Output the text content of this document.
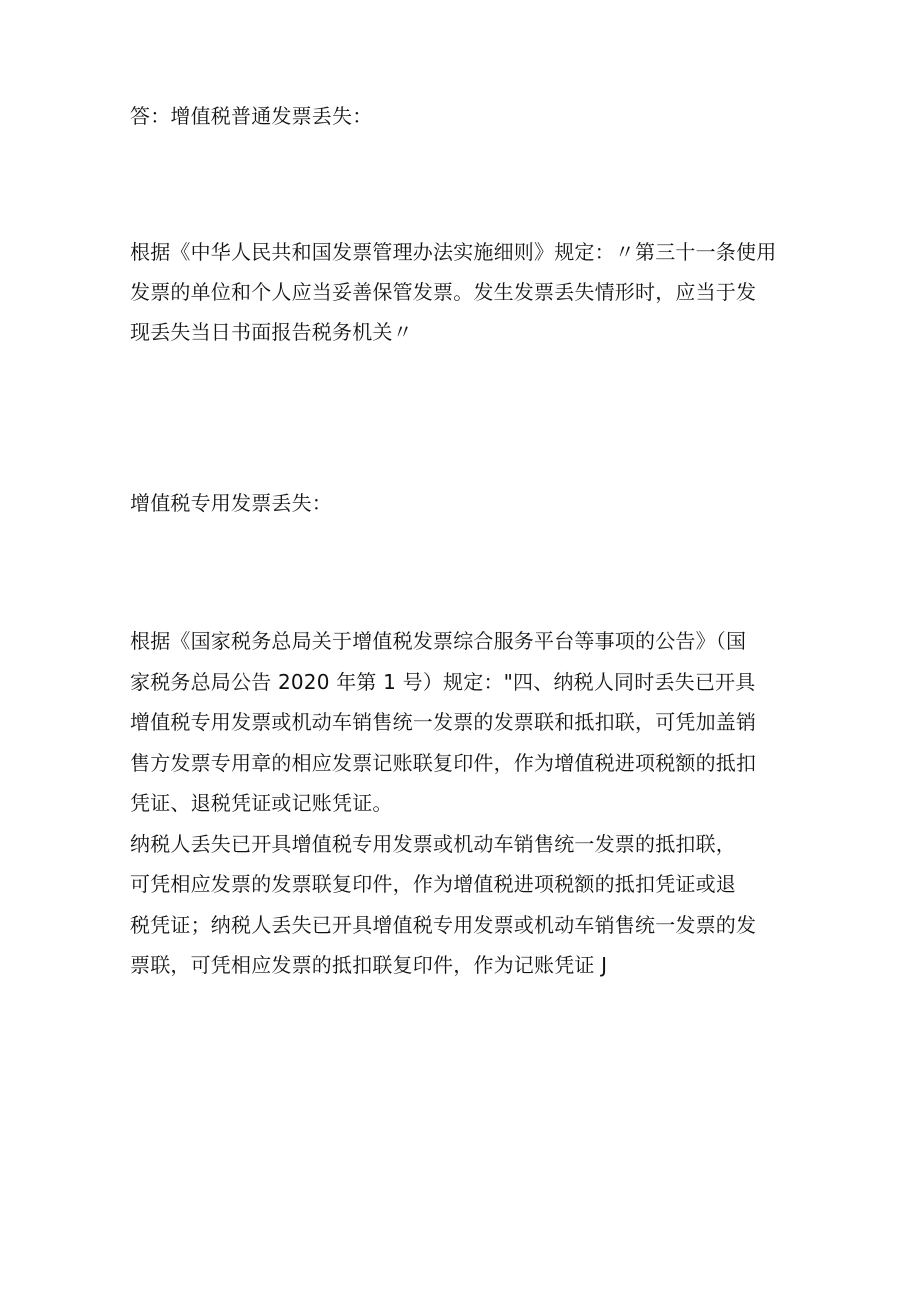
答：增值税普通发票丢失：
根据《中华人民共和国发票管理办法实施细则》规定：〃第三十一条使用
发票的单位和个人应当妥善保管发票。发生发票丢失情形时，应当于发
现丢失当日书面报告税务机关〃
增值税专用发票丢失：
根据《国家税务总局关于增值税发票综合服务平台等事项的公告》（国
家税务总局公告 2020 年第 1 号）规定："四、纳税人同时丢失已开具
增值税专用发票或机动车销售统一发票的发票联和抵扣联，可凭加盖销
售方发票专用章的相应发票记账联复印件，作为增值税进项税额的抵扣
凭证、退税凭证或记账凭证。
纳税人丢失已开具增值税专用发票或机动车销售统一发票的抵扣联，
可凭相应发票的发票联复印件，作为增值税进项税额的抵扣凭证或退
税凭证；纳税人丢失已开具增值税专用发票或机动车销售统一发票的发
票联，可凭相应发票的抵扣联复印件，作为记账凭证 J
